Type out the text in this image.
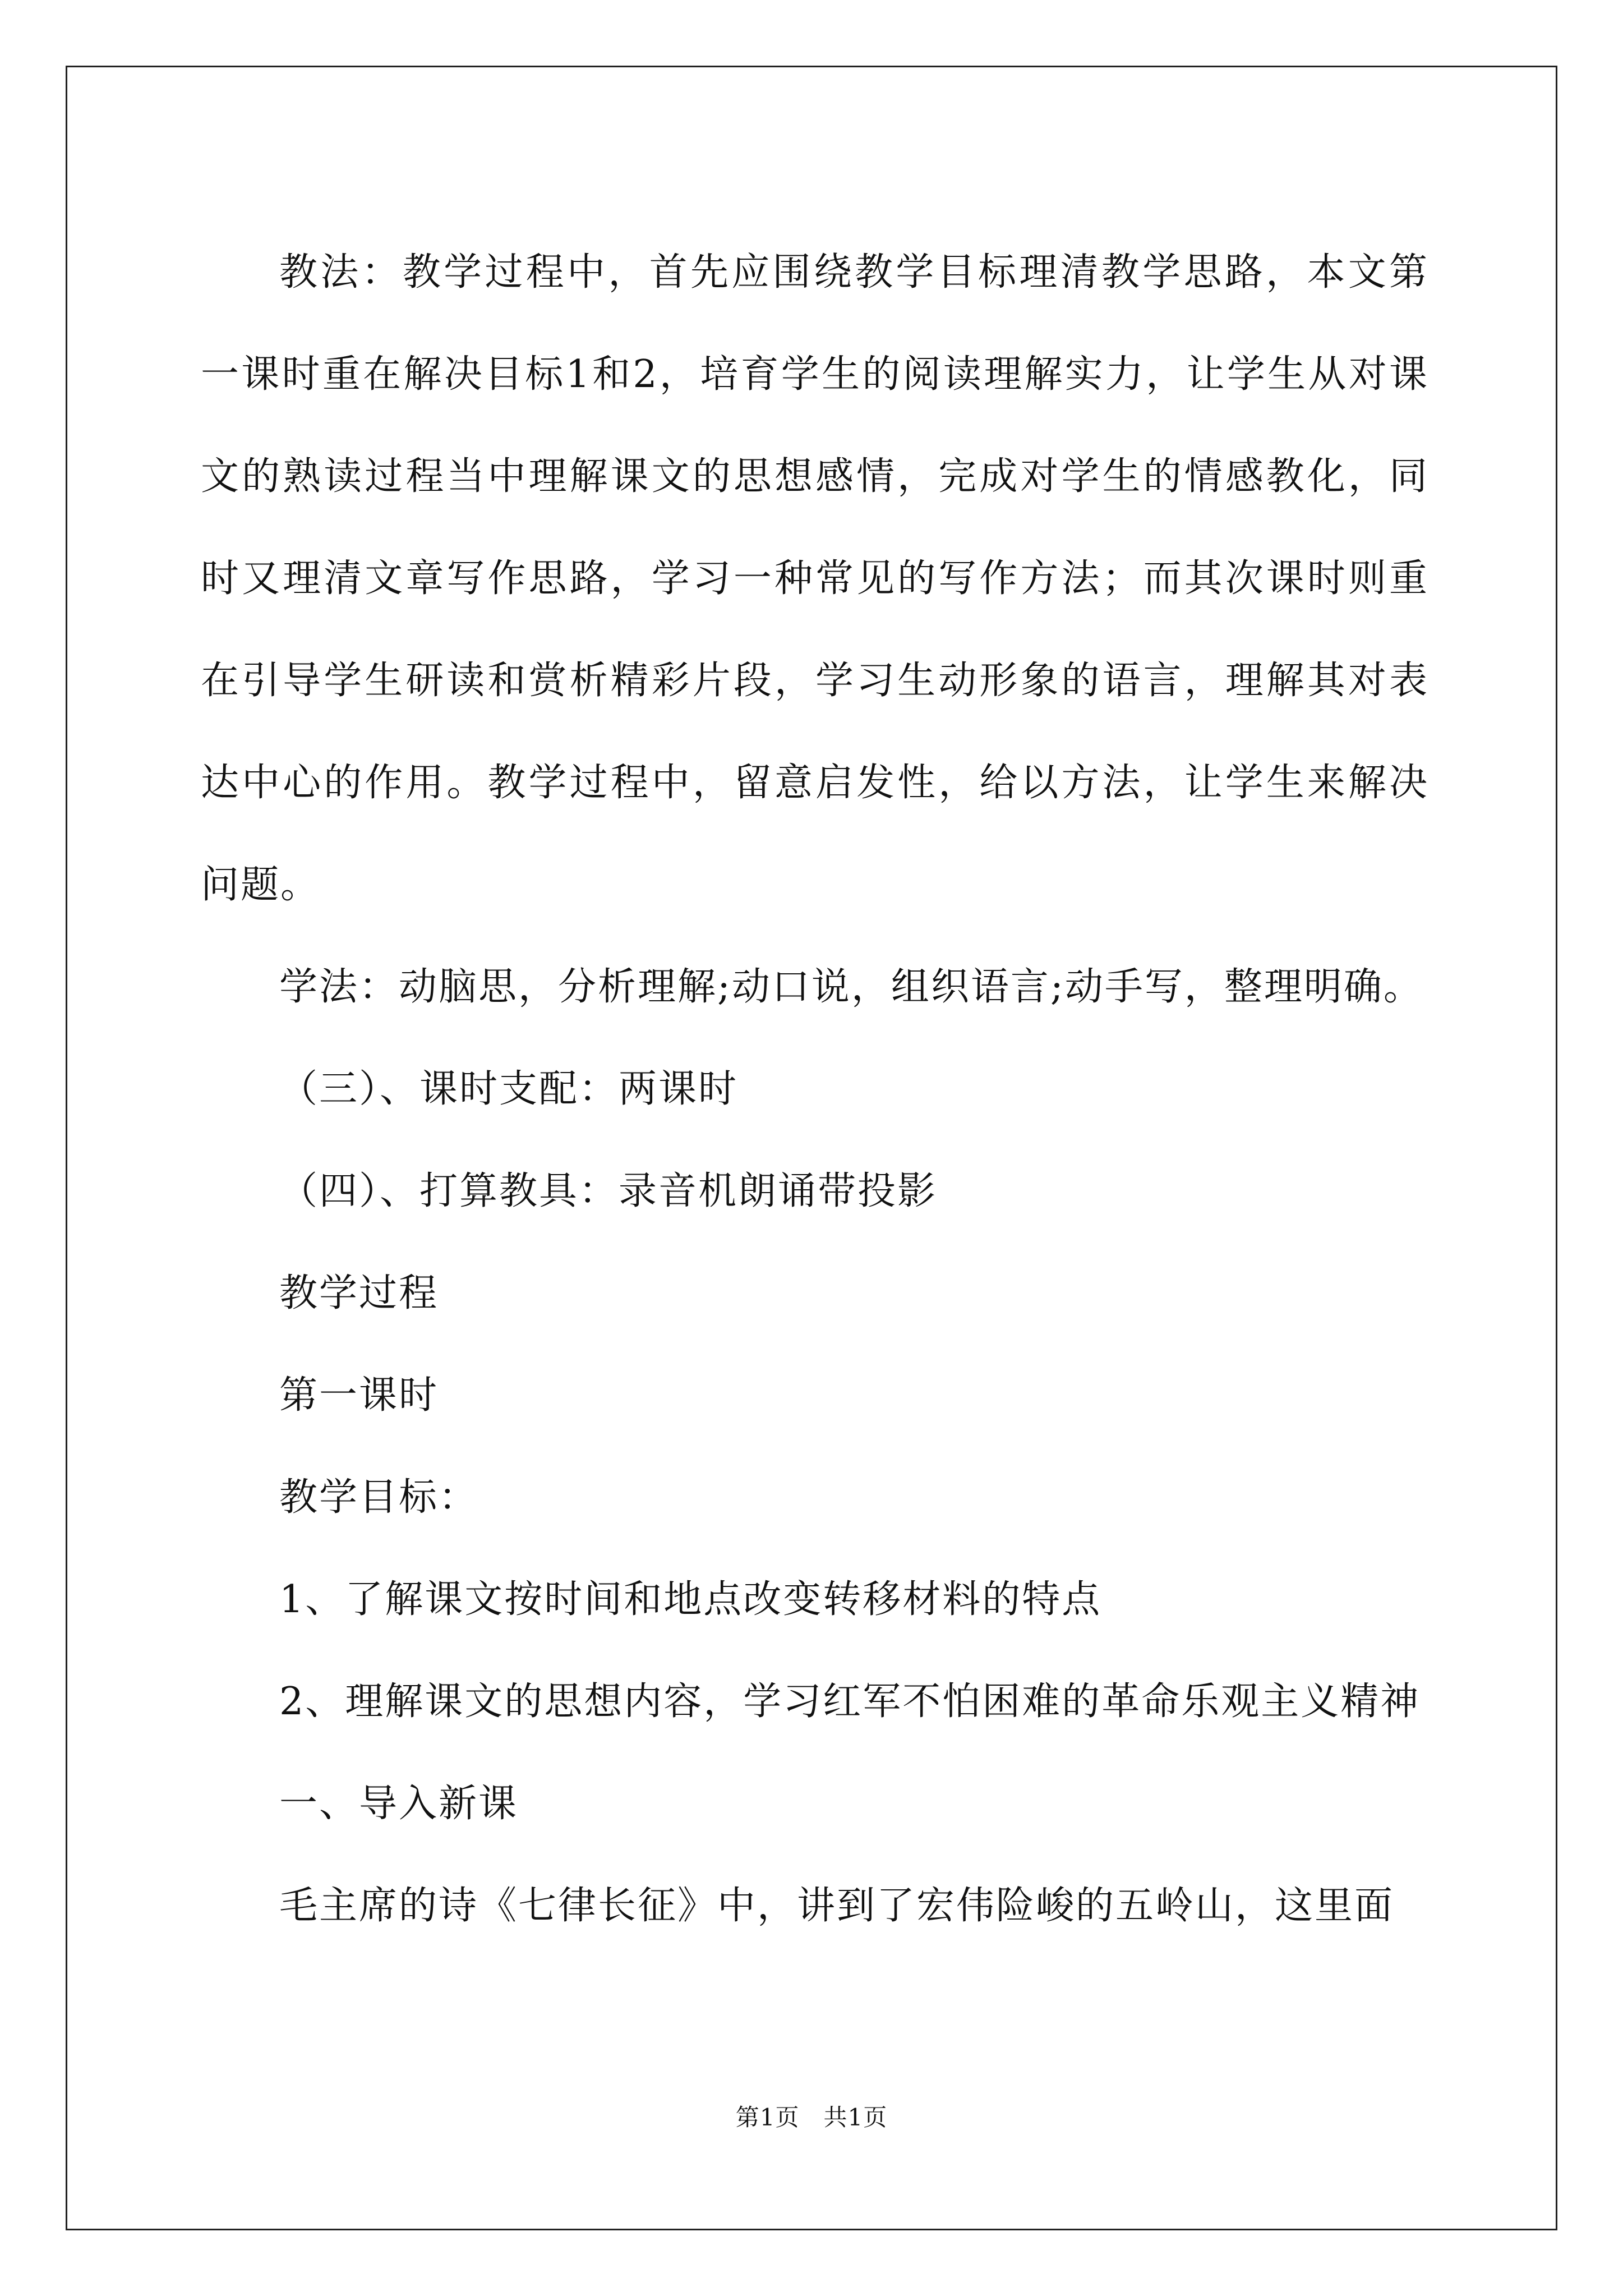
教法：教学过程中，首先应围绕教学目标理清教学思路，本文第一课时重在解决目标1和2，培育学生的阅读理解实力，让学生从对课文的熟读过程当中理解课文的思想感情，完成对学生的情感教化，同时又理清文章写作思路，学习一种常见的写作方法；而其次课时则重在引导学生研读和赏析精彩片段，学习生动形象的语言，理解其对表达中心的作用。教学过程中，留意启发性，给以方法，让学生来解决问题。

学法：动脑思，分析理解;动口说，组织语言;动手写，整理明确。

（三）、课时支配：两课时

（四）、打算教具：录音机朗诵带投影

教学过程

第一课时

教学目标：

1、了解课文按时间和地点改变转移材料的特点

2、理解课文的思想内容，学习红军不怕困难的革命乐观主义精神

一、导入新课

毛主席的诗《七律长征》中，讲到了宏伟险峻的五岭山，这里面

第1页　共1页
